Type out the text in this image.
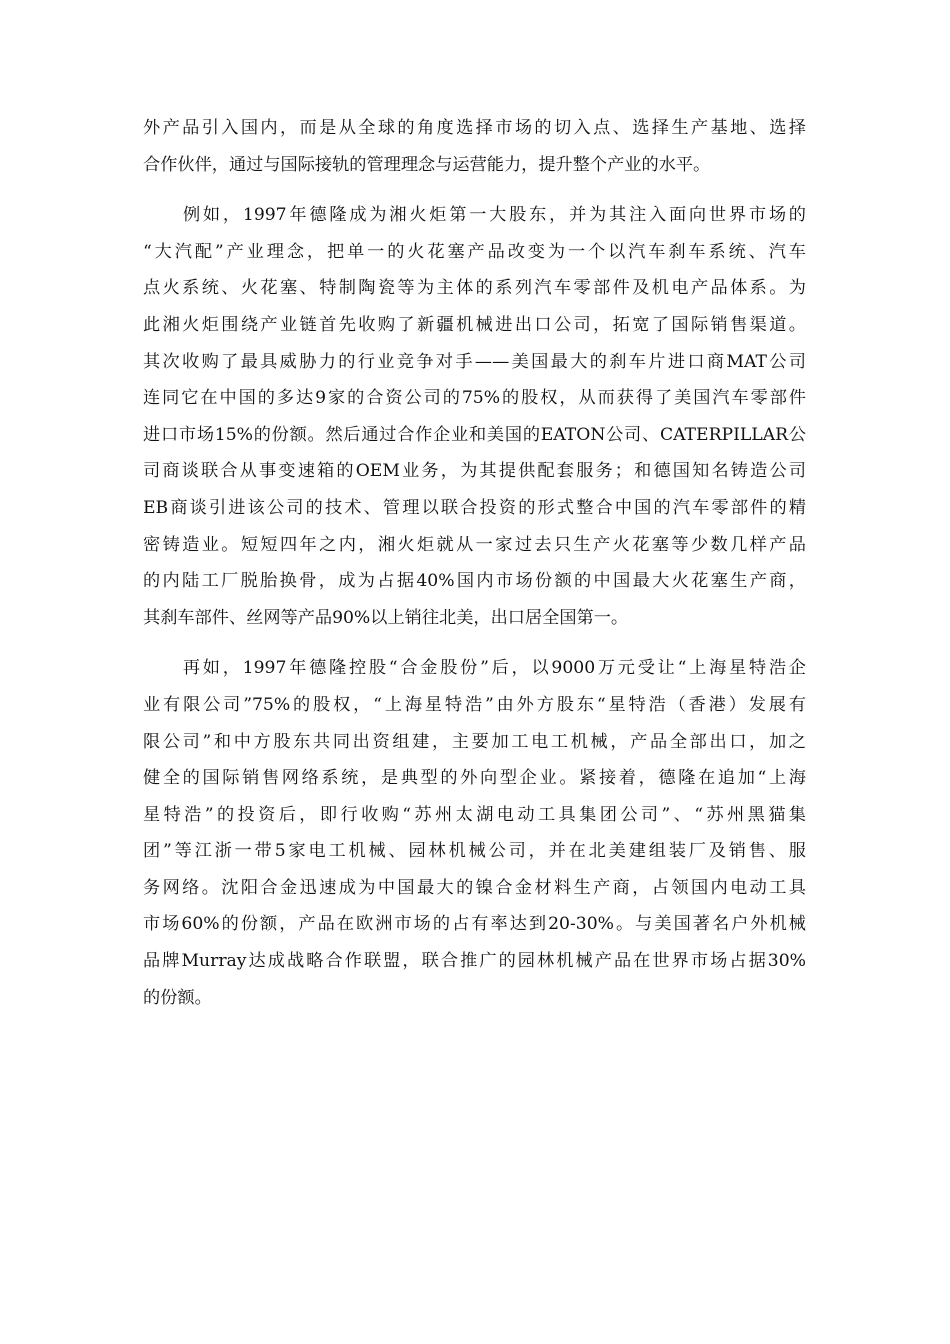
外产品引入国内，而是从全球的角度选择市场的切入点、选择生产基地、选择
合作伙伴，通过与国际接轨的管理理念与运营能力，提升整个产业的水平。
　　例如，1997年德隆成为湘火炬第一大股东，并为其注入面向世界市场的
“大汽配”产业理念，把单一的火花塞产品改变为一个以汽车刹车系统、汽车
点火系统、火花塞、特制陶瓷等为主体的系列汽车零部件及机电产品体系。为
此湘火炬围绕产业链首先收购了新疆机械进出口公司，拓宽了国际销售渠道。
其次收购了最具威胁力的行业竞争对手——美国最大的刹车片进口商MAT公司
连同它在中国的多达9家的合资公司的75%的股权，从而获得了美国汽车零部件
进口市场15%的份额。然后通过合作企业和美国的EATON公司、CATERPILLAR公
司商谈联合从事变速箱的OEM业务，为其提供配套服务；和德国知名铸造公司
EB商谈引进该公司的技术、管理以联合投资的形式整合中国的汽车零部件的精
密铸造业。短短四年之内，湘火炬就从一家过去只生产火花塞等少数几样产品
的内陆工厂脱胎换骨，成为占据40%国内市场份额的中国最大火花塞生产商，
其刹车部件、丝网等产品90%以上销往北美，出口居全国第一。
　　再如，1997年德隆控股“合金股份”后，以9000万元受让“上海星特浩企
业有限公司”75%的股权，“上海星特浩”由外方股东“星特浩（香港）发展有
限公司”和中方股东共同出资组建，主要加工电工机械，产品全部出口，加之
健全的国际销售网络系统，是典型的外向型企业。紧接着，德隆在追加“上海
星特浩”的投资后，即行收购“苏州太湖电动工具集团公司”、“苏州黑猫集
团”等江浙一带5家电工机械、园林机械公司，并在北美建组装厂及销售、服
务网络。沈阳合金迅速成为中国最大的镍合金材料生产商，占领国内电动工具
市场60%的份额，产品在欧洲市场的占有率达到20-30%。与美国著名户外机械
品牌Murray达成战略合作联盟，联合推广的园林机械产品在世界市场占据30%
的份额。
